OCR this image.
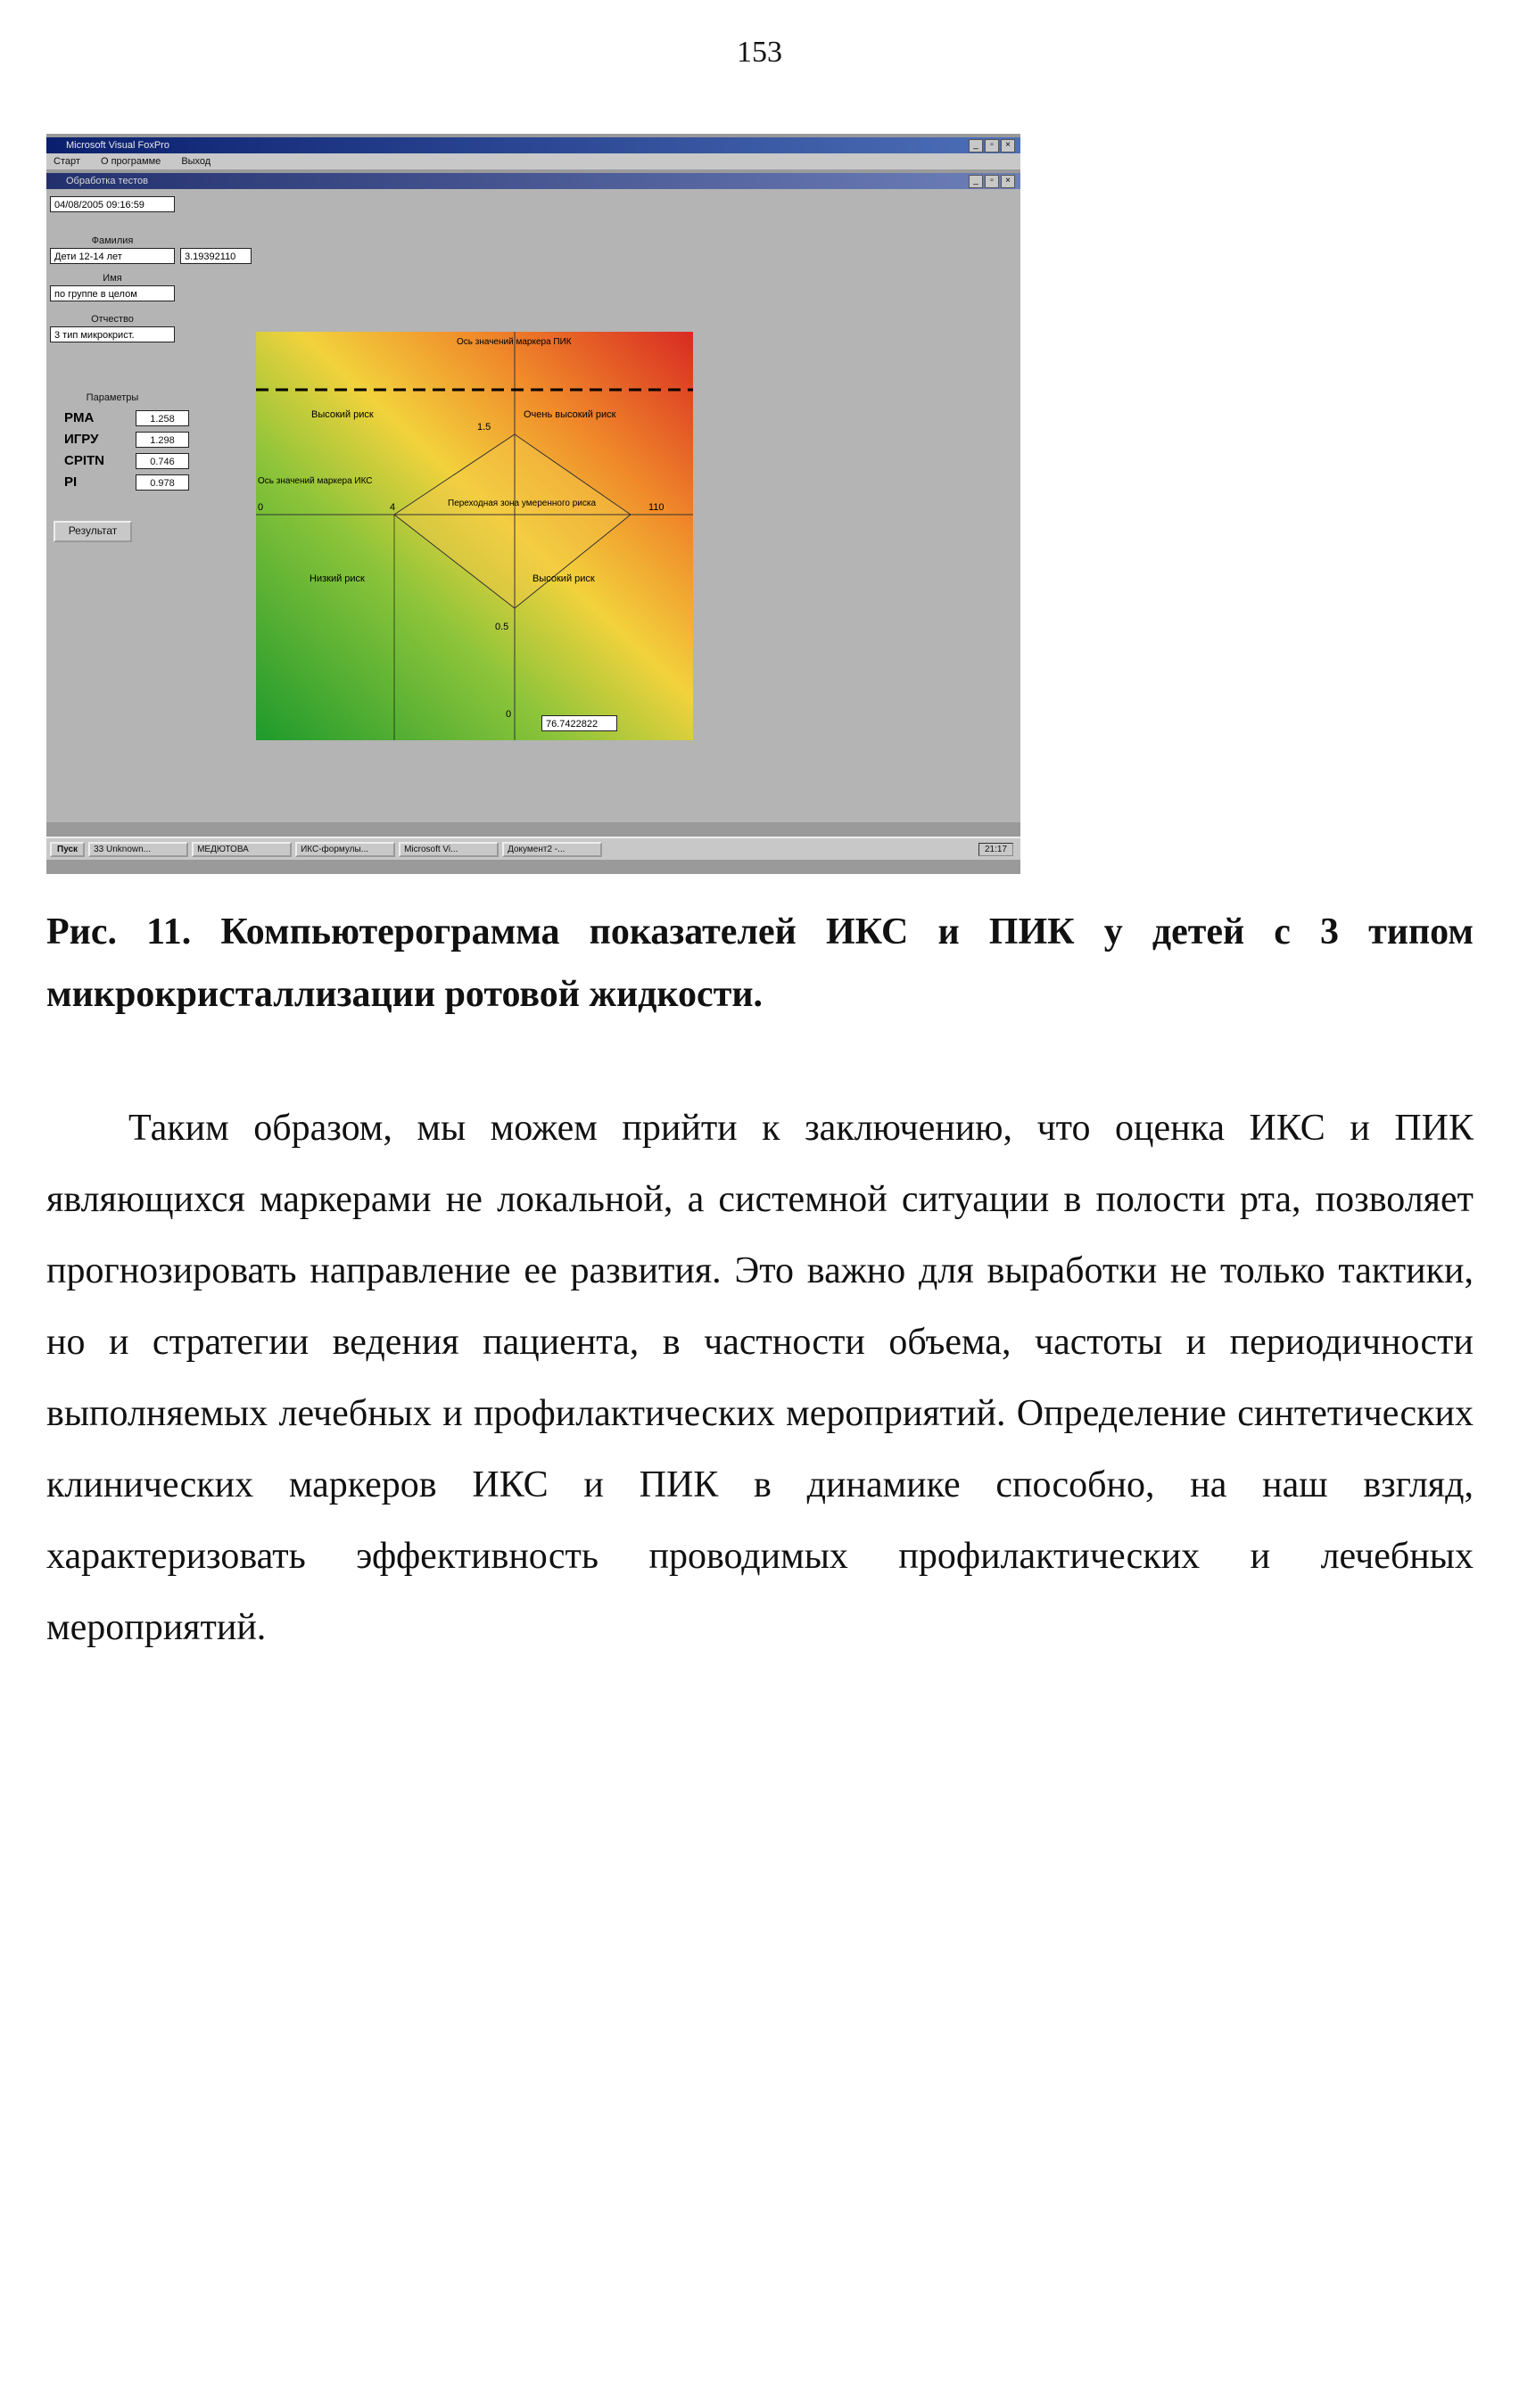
153
Microsoft Visual FoxPro	_	▫	×
Старт О программе Выход
Обработка тестов	_	▫	×
04/08/2005 09:16:59
Фамилия
Дети 12-14 лет	3.19392110
Имя
по группе в целом
Отчество
3 тип микрокрист.
Параметры
PMA	1.258
ИГРУ	1.298
CPITN	0.746
PI	0.978
Результат
Ось значений маркера ПИК
Высокий риск	Очень высокий риск
1.5
Ось значений маркера ИКС
0	4	Переходная зона умеренного риска	110
Низкий риск	Высокий риск
0.5
0
76.7422822
Пуск	33 Unknown...	МЕДЮТОВА	ИКС-формулы...	Microsoft Vi...	Документ2 -...	21:17
Рис. 11. Компьютерограмма показателей ИКС и ПИК у детей с 3 типом микрокристаллизации ротовой жидкости.
Таким образом, мы можем прийти к заключению, что оценка ИКС и ПИК являющихся маркерами не локальной, а системной ситуации в полости рта, позволяет прогнозировать направление ее развития. Это важно для выработки не только тактики, но и стратегии ведения пациента, в частности объема, частоты и периодичности выполняемых лечебных и профилактических мероприятий. Определение синтетических клинических маркеров ИКС и ПИК в динамике способно, на наш взгляд, характеризовать эффективность проводимых профилактических и лечебных мероприятий.
